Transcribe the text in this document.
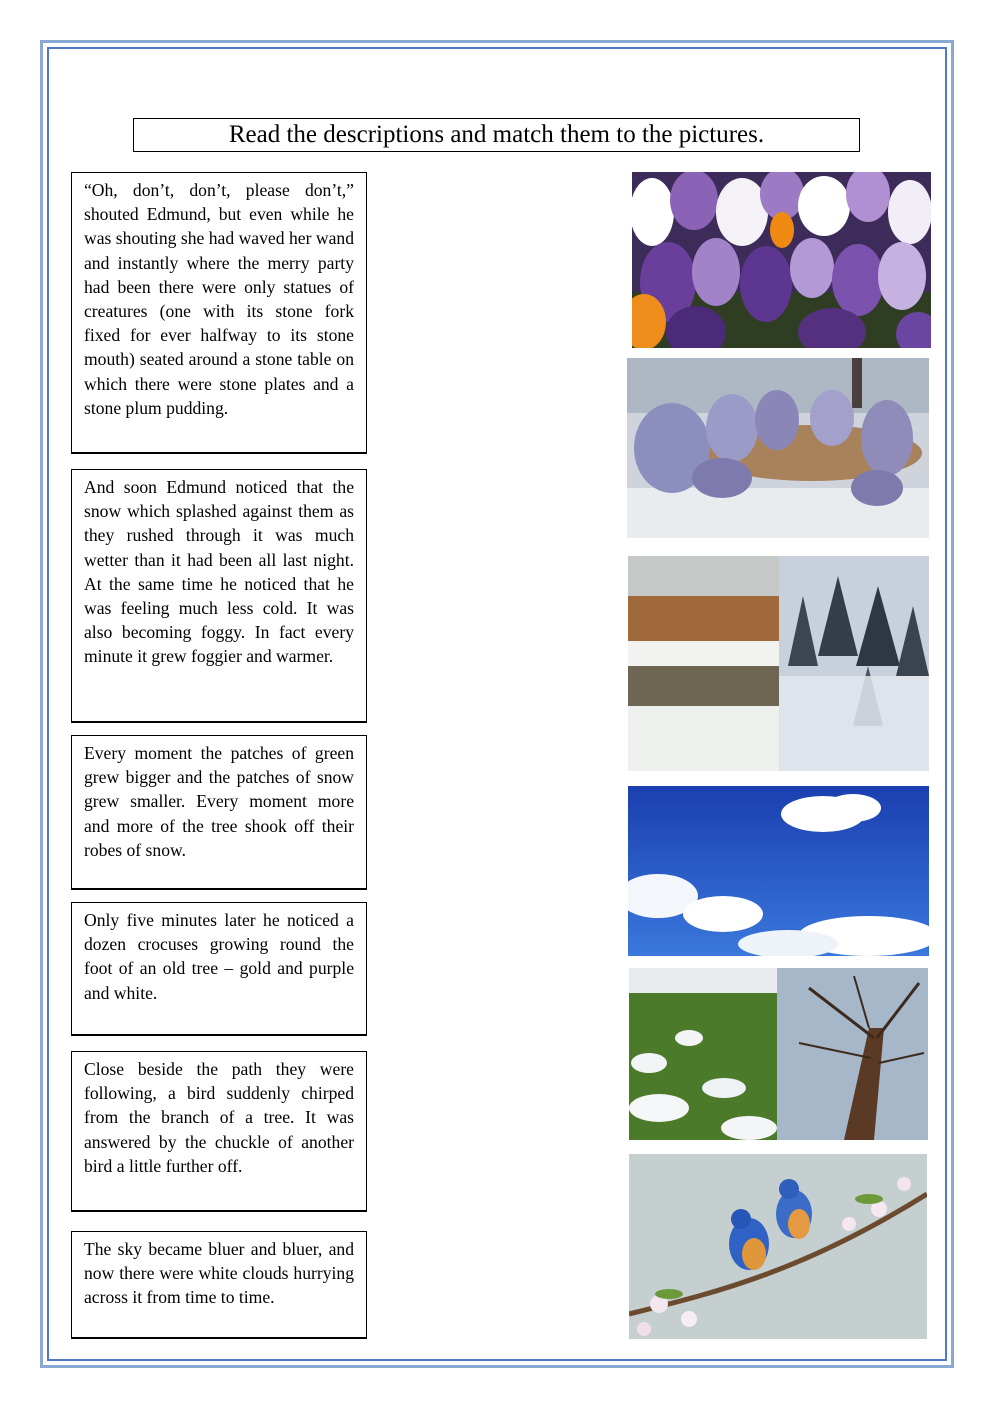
Read the descriptions and match them to the pictures.
“Oh, don’t, don’t, please don’t,” shouted Edmund, but even while he was shouting she had waved her wand and instantly where the merry party had been there were only statues of creatures (one with its stone fork fixed for ever halfway to its stone mouth) seated around a stone table on which there were stone plates and a stone plum pudding.
And soon Edmund noticed that the snow which splashed against them as they rushed through it was much wetter than it had been all last night. At the same time he noticed that he was feeling much less cold. It was also becoming foggy. In fact every minute it grew foggier and warmer.
Every moment the patches of green grew bigger and the patches of snow grew smaller. Every moment more and more of the tree shook off their robes of snow.
Only five minutes later he noticed a dozen crocuses growing round the foot of an old tree – gold and purple and white.
Close beside the path they were following, a bird suddenly chirped from the branch of a tree. It was answered by the chuckle of another bird a little further off.
The sky became bluer and bluer, and now there were white clouds hurrying across it from time to time.
